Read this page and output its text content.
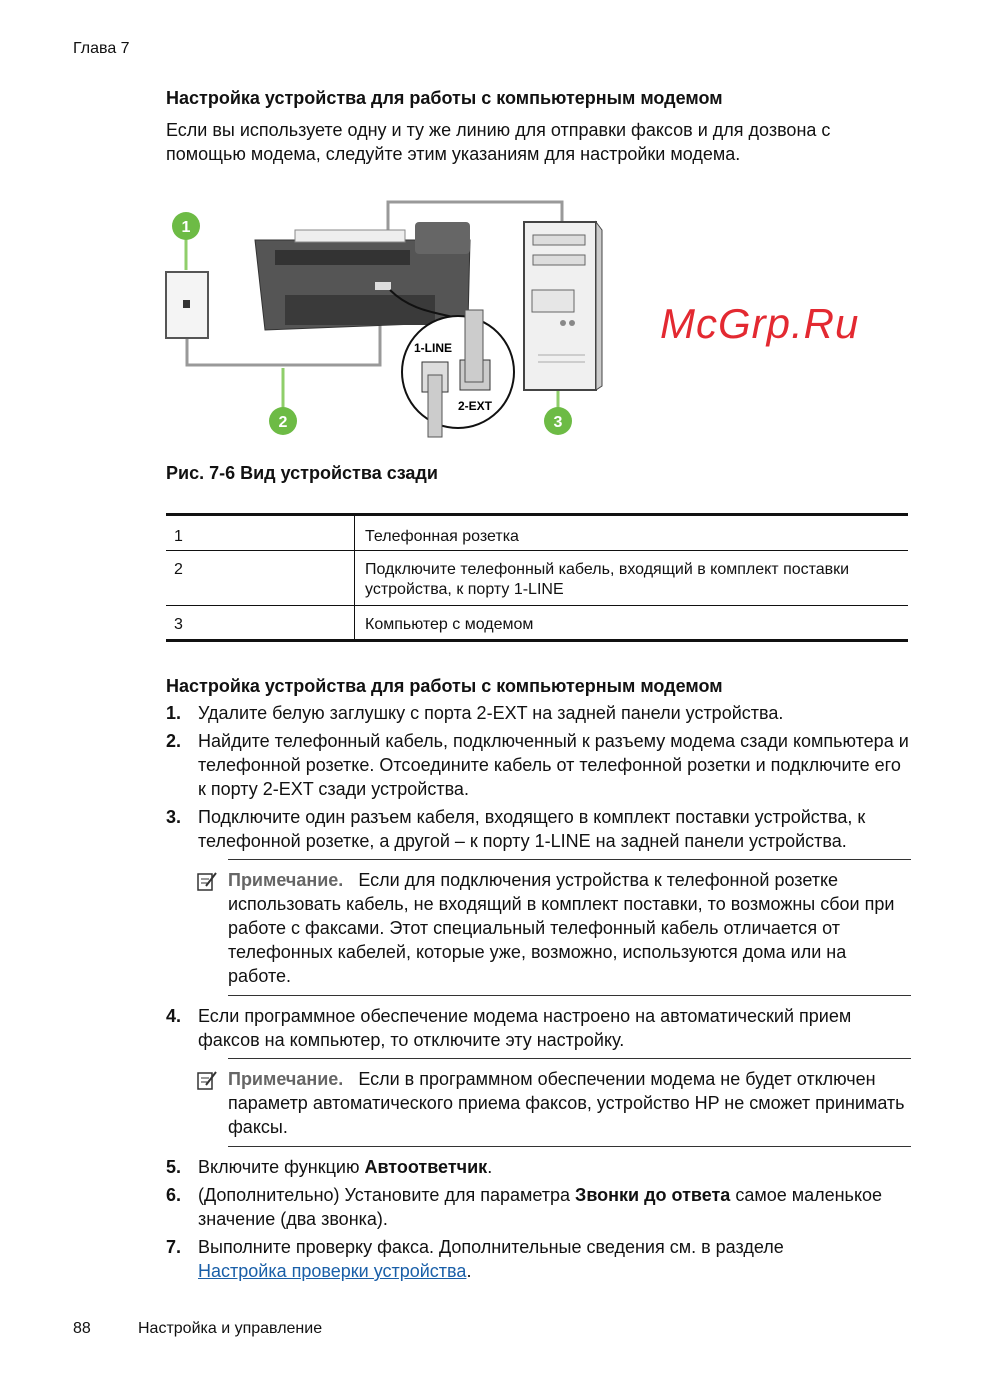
Глава 7
Настройка устройства для работы с компьютерным модемом
Если вы используете одну и ту же линию для отправки факсов и для дозвона с помощью модема, следуйте этим указаниям для настройки модема.
1-LINE
2-EXT
1
2	3
McGrp.Ru
Рис. 7-6 Вид устройства сзади
1	Телефонная розетка
2	Подключите телефонный кабель, входящий в комплект поставки устройства, к порту 1-LINE
3	Компьютер с модемом
Настройка устройства для работы с компьютерным модемом
1. Удалите белую заглушку с порта 2-EXT на задней панели устройства.
2. Найдите телефонный кабель, подключенный к разъему модема сзади компьютера и телефонной розетке. Отсоедините кабель от телефонной розетки и подключите его к порту 2-EXT сзади устройства.
3. Подключите один разъем кабеля, входящего в комплект поставки устройства, к телефонной розетке, а другой – к порту 1-LINE на задней панели устройства.
Примечание. Если для подключения устройства к телефонной розетке использовать кабель, не входящий в комплект поставки, то возможны сбои при работе с факсами. Этот специальный телефонный кабель отличается от телефонных кабелей, которые уже, возможно, используются дома или на работе.
4. Если программное обеспечение модема настроено на автоматический прием факсов на компьютер, то отключите эту настройку.
Примечание. Если в программном обеспечении модема не будет отключен параметр автоматического приема факсов, устройство HP не сможет принимать факсы.
5. Включите функцию Автоответчик.
6. (Дополнительно) Установите для параметра Звонки до ответа самое маленькое значение (два звонка).
7. Выполните проверку факса. Дополнительные сведения см. в разделе
Настройка проверки устройства.
88	Настройка и управление
